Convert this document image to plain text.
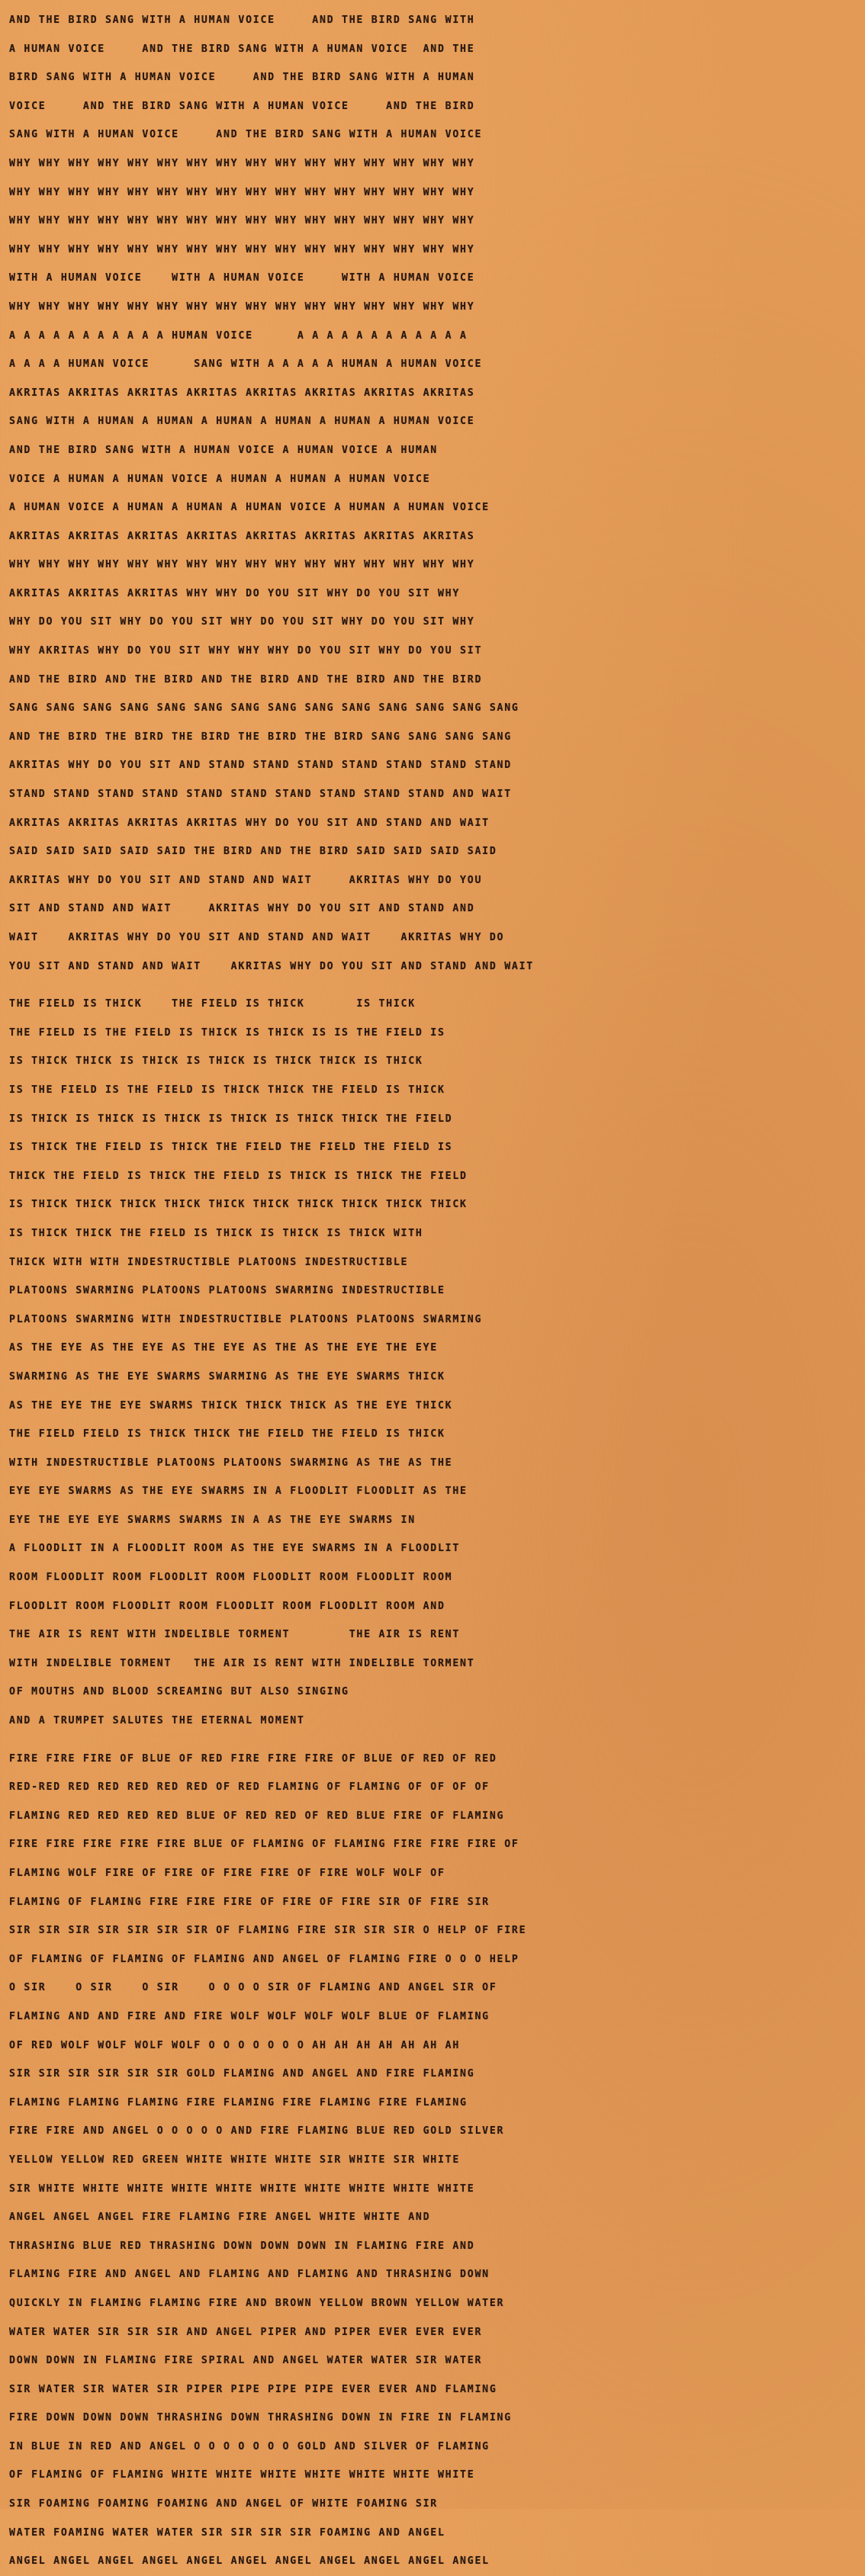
AND THE BIRD SANG WITH A HUMAN VOICE     AND THE BIRD SANG WITH
A HUMAN VOICE     AND THE BIRD SANG WITH A HUMAN VOICE  AND THE
BIRD SANG WITH A HUMAN VOICE     AND THE BIRD SANG WITH A HUMAN
VOICE     AND THE BIRD SANG WITH A HUMAN VOICE     AND THE BIRD
SANG WITH A HUMAN VOICE     AND THE BIRD SANG WITH A HUMAN VOICE
WHY WHY WHY WHY WHY WHY WHY WHY WHY WHY WHY WHY WHY WHY WHY WHY
WHY WHY WHY WHY WHY WHY WHY WHY WHY WHY WHY WHY WHY WHY WHY WHY
WHY WHY WHY WHY WHY WHY WHY WHY WHY WHY WHY WHY WHY WHY WHY WHY
WHY WHY WHY WHY WHY WHY WHY WHY WHY WHY WHY WHY WHY WHY WHY WHY
WITH A HUMAN VOICE    WITH A HUMAN VOICE     WITH A HUMAN VOICE
WHY WHY WHY WHY WHY WHY WHY WHY WHY WHY WHY WHY WHY WHY WHY WHY
A A A A A A A A A A A HUMAN VOICE      A A A A A A A A A A A A
A A A A HUMAN VOICE      SANG WITH A A A A A HUMAN A HUMAN VOICE
AKRITAS AKRITAS AKRITAS AKRITAS AKRITAS AKRITAS AKRITAS AKRITAS
SANG WITH A HUMAN A HUMAN A HUMAN A HUMAN A HUMAN A HUMAN VOICE
AND THE BIRD SANG WITH A HUMAN VOICE A HUMAN VOICE A HUMAN
VOICE A HUMAN A HUMAN VOICE A HUMAN A HUMAN A HUMAN VOICE
A HUMAN VOICE A HUMAN A HUMAN A HUMAN VOICE A HUMAN A HUMAN VOICE
AKRITAS AKRITAS AKRITAS AKRITAS AKRITAS AKRITAS AKRITAS AKRITAS
WHY WHY WHY WHY WHY WHY WHY WHY WHY WHY WHY WHY WHY WHY WHY WHY
AKRITAS AKRITAS AKRITAS WHY WHY DO YOU SIT WHY DO YOU SIT WHY
WHY DO YOU SIT WHY DO YOU SIT WHY DO YOU SIT WHY DO YOU SIT WHY
WHY AKRITAS WHY DO YOU SIT WHY WHY WHY DO YOU SIT WHY DO YOU SIT
AND THE BIRD AND THE BIRD AND THE BIRD AND THE BIRD AND THE BIRD
SANG SANG SANG SANG SANG SANG SANG SANG SANG SANG SANG SANG SANG SANG
AND THE BIRD THE BIRD THE BIRD THE BIRD THE BIRD SANG SANG SANG SANG
AKRITAS WHY DO YOU SIT AND STAND STAND STAND STAND STAND STAND STAND
STAND STAND STAND STAND STAND STAND STAND STAND STAND STAND AND WAIT
AKRITAS AKRITAS AKRITAS AKRITAS WHY DO YOU SIT AND STAND AND WAIT
SAID SAID SAID SAID SAID THE BIRD AND THE BIRD SAID SAID SAID SAID
AKRITAS WHY DO YOU SIT AND STAND AND WAIT     AKRITAS WHY DO YOU
SIT AND STAND AND WAIT     AKRITAS WHY DO YOU SIT AND STAND AND
WAIT    AKRITAS WHY DO YOU SIT AND STAND AND WAIT    AKRITAS WHY DO
YOU SIT AND STAND AND WAIT    AKRITAS WHY DO YOU SIT AND STAND AND WAIT
THE FIELD IS THICK    THE FIELD IS THICK       IS THICK
THE FIELD IS THE FIELD IS THICK IS THICK IS IS THE FIELD IS
IS THICK THICK IS THICK IS THICK IS THICK THICK IS THICK
IS THE FIELD IS THE FIELD IS THICK THICK THE FIELD IS THICK
IS THICK IS THICK IS THICK IS THICK IS THICK THICK THE FIELD
IS THICK THE FIELD IS THICK THE FIELD THE FIELD THE FIELD IS
THICK THE FIELD IS THICK THE FIELD IS THICK IS THICK THE FIELD
IS THICK THICK THICK THICK THICK THICK THICK THICK THICK THICK
IS THICK THICK THE FIELD IS THICK IS THICK IS THICK WITH
THICK WITH WITH INDESTRUCTIBLE PLATOONS INDESTRUCTIBLE
PLATOONS SWARMING PLATOONS PLATOONS SWARMING INDESTRUCTIBLE
PLATOONS SWARMING WITH INDESTRUCTIBLE PLATOONS PLATOONS SWARMING
AS THE EYE AS THE EYE AS THE EYE AS THE AS THE EYE THE EYE
SWARMING AS THE EYE SWARMS SWARMING AS THE EYE SWARMS THICK
AS THE EYE THE EYE SWARMS THICK THICK THICK AS THE EYE THICK
THE FIELD FIELD IS THICK THICK THE FIELD THE FIELD IS THICK
WITH INDESTRUCTIBLE PLATOONS PLATOONS SWARMING AS THE AS THE
EYE EYE SWARMS AS THE EYE SWARMS IN A FLOODLIT FLOODLIT AS THE
EYE THE EYE EYE SWARMS SWARMS IN A AS THE EYE SWARMS IN
A FLOODLIT IN A FLOODLIT ROOM AS THE EYE SWARMS IN A FLOODLIT
ROOM FLOODLIT ROOM FLOODLIT ROOM FLOODLIT ROOM FLOODLIT ROOM
FLOODLIT ROOM FLOODLIT ROOM FLOODLIT ROOM FLOODLIT ROOM AND
THE AIR IS RENT WITH INDELIBLE TORMENT        THE AIR IS RENT
WITH INDELIBLE TORMENT   THE AIR IS RENT WITH INDELIBLE TORMENT
OF MOUTHS AND BLOOD SCREAMING BUT ALSO SINGING
AND A TRUMPET SALUTES THE ETERNAL MOMENT
FIRE FIRE FIRE OF BLUE OF RED FIRE FIRE FIRE OF BLUE OF RED OF RED
RED-RED RED RED RED RED RED OF RED FLAMING OF FLAMING OF OF OF OF
FLAMING RED RED RED RED BLUE OF RED RED OF RED BLUE FIRE OF FLAMING
FIRE FIRE FIRE FIRE FIRE BLUE OF FLAMING OF FLAMING FIRE FIRE FIRE OF
FLAMING WOLF FIRE OF FIRE OF FIRE FIRE OF FIRE WOLF WOLF OF
FLAMING OF FLAMING FIRE FIRE FIRE OF FIRE OF FIRE SIR OF FIRE SIR
SIR SIR SIR SIR SIR SIR SIR OF FLAMING FIRE SIR SIR SIR O HELP OF FIRE
OF FLAMING OF FLAMING OF FLAMING AND ANGEL OF FLAMING FIRE O O O HELP
O SIR    O SIR    O SIR    O O O O SIR OF FLAMING AND ANGEL SIR OF
FLAMING AND AND FIRE AND FIRE WOLF WOLF WOLF WOLF BLUE OF FLAMING
OF RED WOLF WOLF WOLF WOLF O O O O O O O AH AH AH AH AH AH AH
SIR SIR SIR SIR SIR SIR GOLD FLAMING AND ANGEL AND FIRE FLAMING
FLAMING FLAMING FLAMING FIRE FLAMING FIRE FLAMING FIRE FLAMING
FIRE FIRE AND ANGEL O O O O O AND FIRE FLAMING BLUE RED GOLD SILVER
YELLOW YELLOW RED GREEN WHITE WHITE WHITE SIR WHITE SIR WHITE
SIR WHITE WHITE WHITE WHITE WHITE WHITE WHITE WHITE WHITE WHITE
ANGEL ANGEL ANGEL FIRE FLAMING FIRE ANGEL WHITE WHITE AND
THRASHING BLUE RED THRASHING DOWN DOWN DOWN IN FLAMING FIRE AND
FLAMING FIRE AND ANGEL AND FLAMING AND FLAMING AND THRASHING DOWN
QUICKLY IN FLAMING FLAMING FIRE AND BROWN YELLOW BROWN YELLOW WATER
WATER WATER SIR SIR SIR AND ANGEL PIPER AND PIPER EVER EVER EVER
DOWN DOWN IN FLAMING FIRE SPIRAL AND ANGEL WATER WATER SIR WATER
SIR WATER SIR WATER SIR PIPER PIPE PIPE PIPE EVER EVER AND FLAMING
FIRE DOWN DOWN DOWN THRASHING DOWN THRASHING DOWN IN FIRE IN FLAMING
IN BLUE IN RED AND ANGEL O O O O O O O GOLD AND SILVER OF FLAMING
OF FLAMING OF FLAMING WHITE WHITE WHITE WHITE WHITE WHITE WHITE
SIR FOAMING FOAMING FOAMING AND ANGEL OF WHITE FOAMING SIR
WATER FOAMING WATER WATER SIR SIR SIR SIR FOAMING AND ANGEL
ANGEL ANGEL ANGEL ANGEL ANGEL ANGEL ANGEL ANGEL ANGEL ANGEL ANGEL
